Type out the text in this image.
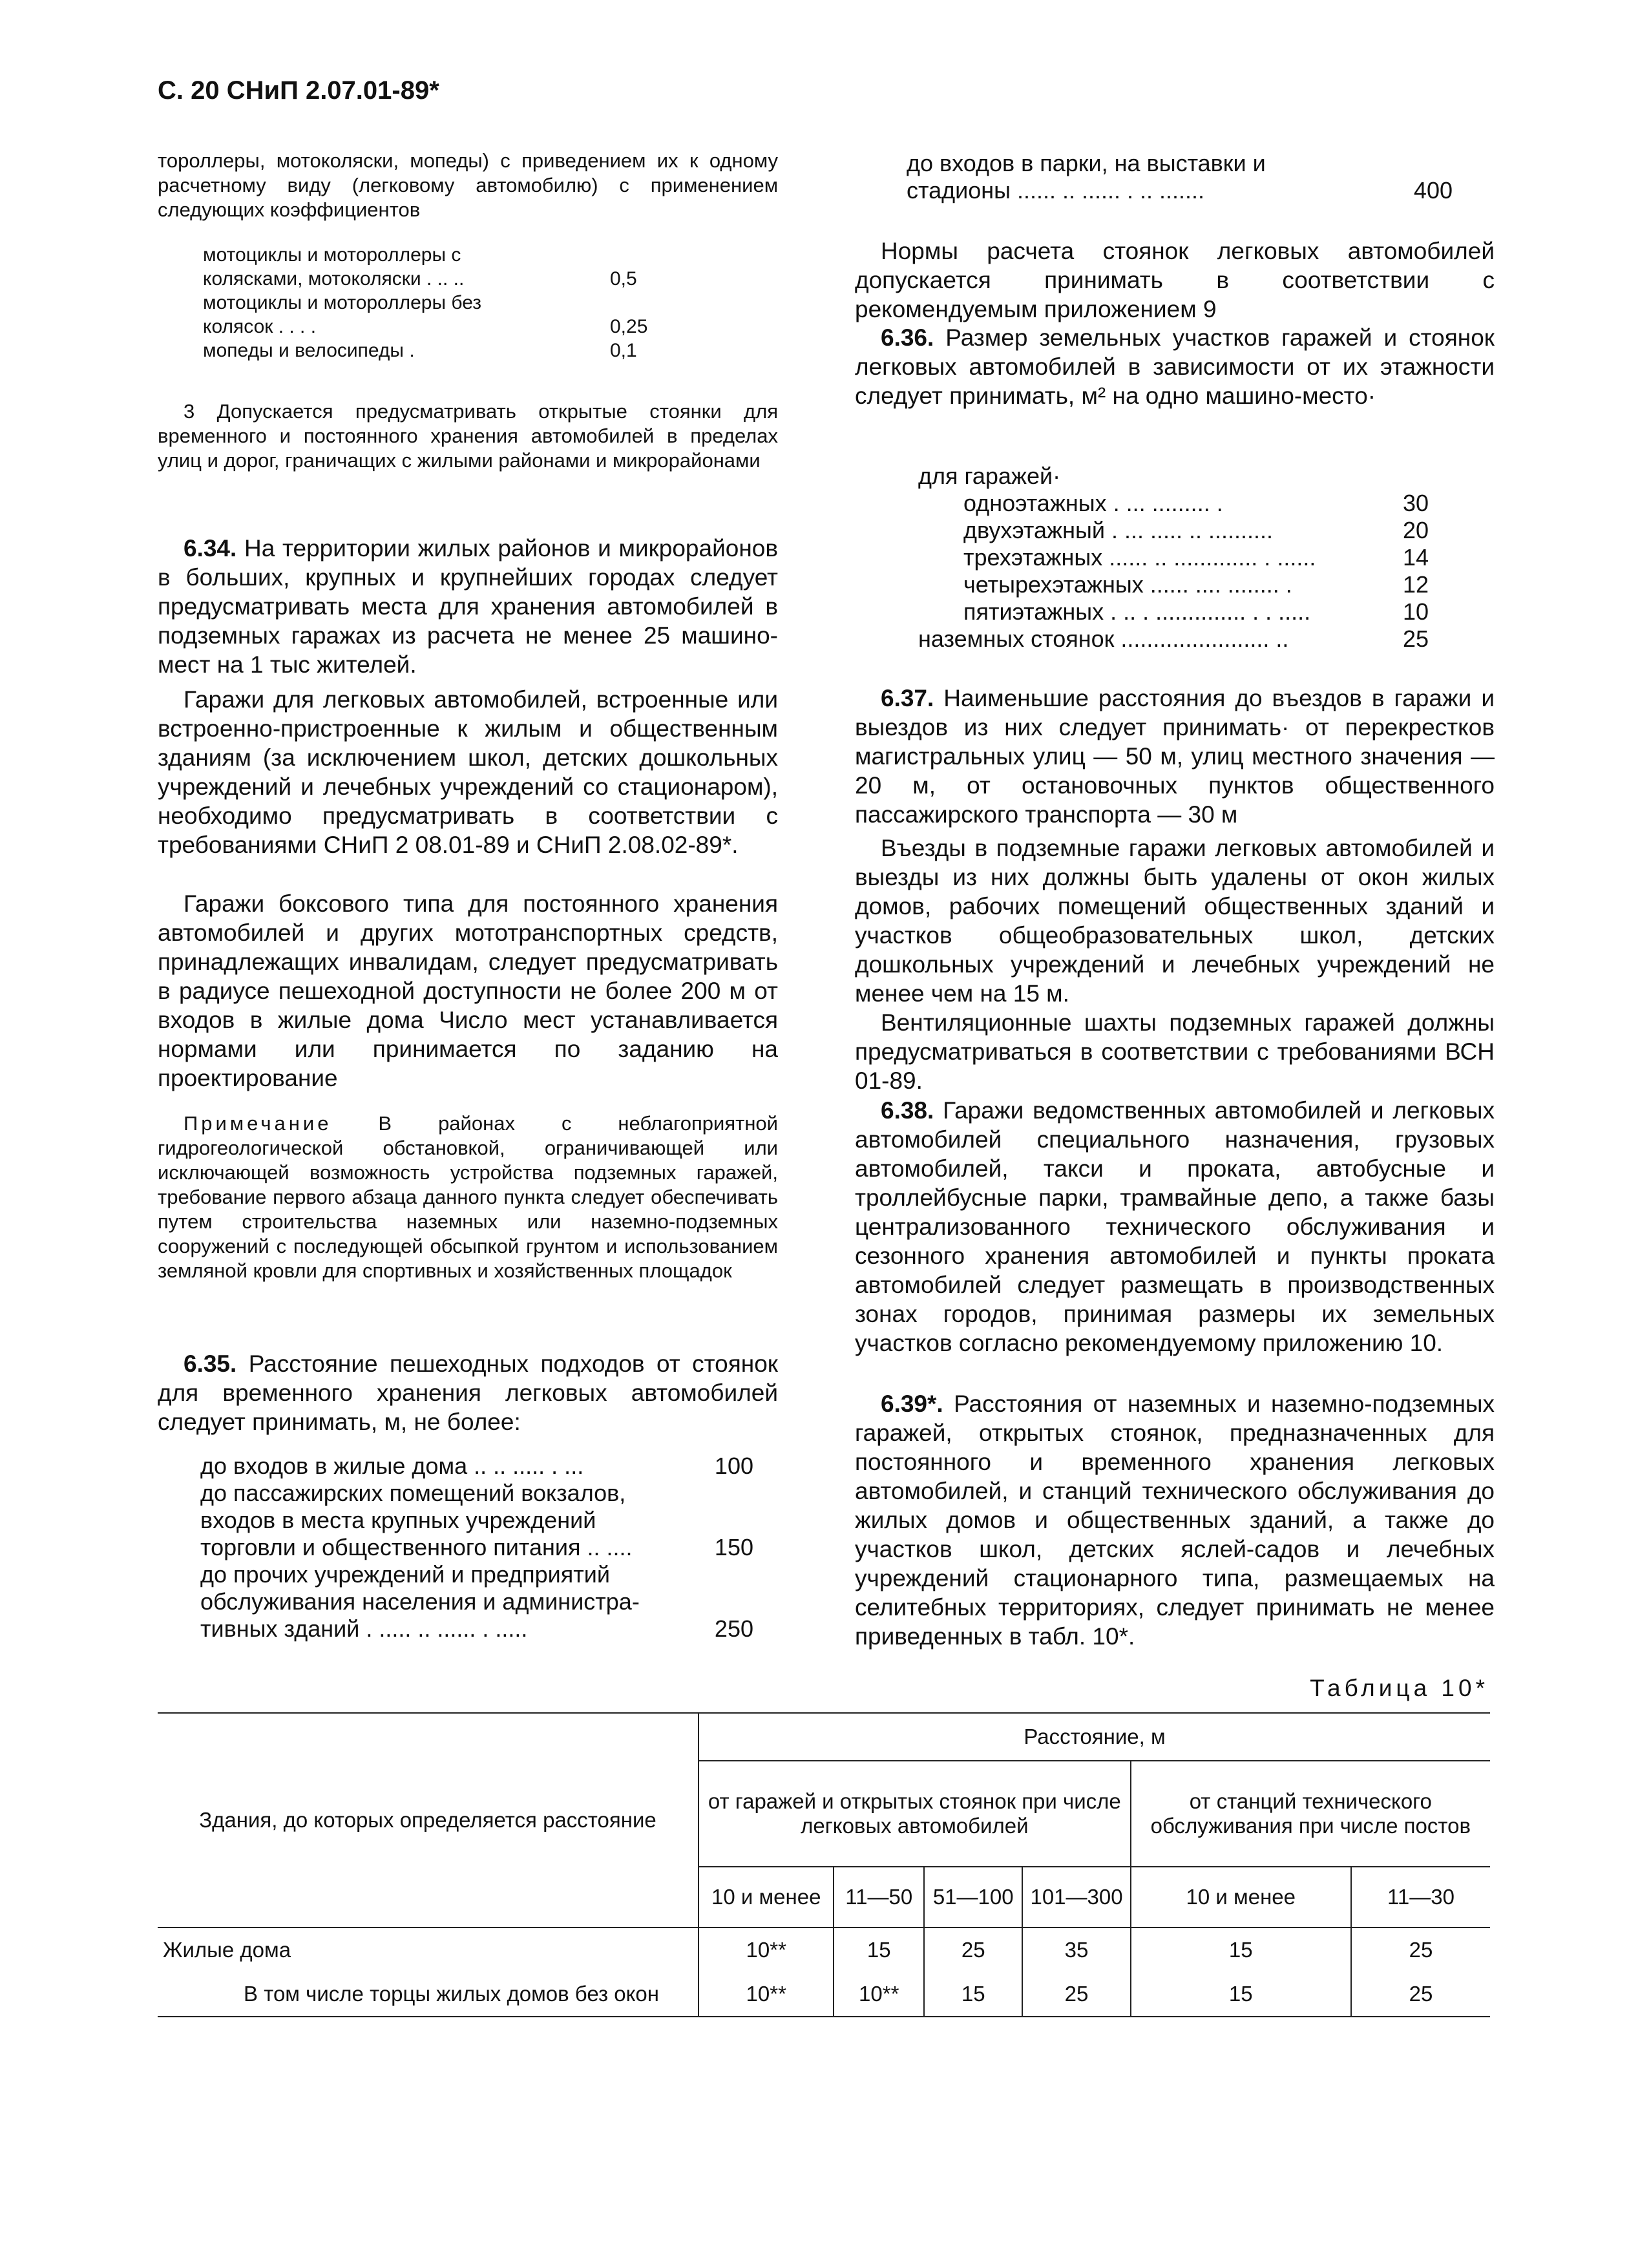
С. 20 СНиП 2.07.01-89*

тороллеры, мотоколяски, мопеды) с приведением их к одному расчетному виду (легковому автомобилю) с применением следующих коэффициентов

мотоциклы и мотороллеры с
колясками, мотоколяски . .. ..	0,5
мотоциклы и мотороллеры без
колясок . . . .	0,25
мопеды и велосипеды .	0,1

3 Допускается предусматривать открытые стоянки для временного и постоянного хранения автомобилей в пределах улиц и дорог, граничащих с жилыми районами и микрорайонами

6.34. На территории жилых районов и микрорайонов в больших, крупных и крупнейших городах следует предусматривать места для хранения автомобилей в подземных гаражах из расчета не менее 25 машино-мест на 1 тыс жителей.

Гаражи для легковых автомобилей, встроенные или встроенно-пристроенные к жилым и общественным зданиям (за исключением школ, детских дошкольных учреждений и лечебных учреждений со стационаром), необходимо предусматривать в соответствии с требованиями СНиП 2 08.01-89 и СНиП 2.08.02-89*.

Гаражи боксового типа для постоянного хранения автомобилей и других мототранспортных средств, принадлежащих инвалидам, следует предусматривать в радиусе пешеходной доступности не более 200 м от входов в жилые дома Число мест устанавливается нормами или принимается по заданию на проектирование

Примечание В районах с неблагоприятной гидрогеологической обстановкой, ограничивающей или исключающей возможность устройства подземных гаражей, требование первого абзаца данного пункта следует обеспечивать путем строительства наземных или наземно-подземных сооружений с последующей обсыпкой грунтом и использованием земляной кровли для спортивных и хозяйственных площадок

6.35. Расстояние пешеходных подходов от стоянок для временного хранения легковых автомобилей следует принимать, м, не более:

до входов в жилые дома .. .. ..... . ...	100
до пассажирских помещений вокзалов,
входов в места крупных учреждений
торговли и общественного питания .. ....	150
до прочих учреждений и предприятий
обслуживания населения и администра-
тивных зданий . ..... .. ...... . .....	250
до входов в парки, на выставки и
стадионы ...... .. ...... . .. .......	400

Нормы расчета стоянок легковых автомобилей допускается принимать в соответствии с рекомендуемым приложением 9

6.36. Размер земельных участков гаражей и стоянок легковых автомобилей в зависимости от их этажности следует принимать, м² на одно машино-место·

для гаражей·
одноэтажных . ... ......... .	30
двухэтажный . ... ..... .. ..........	20
трехэтажных ...... .. ............. . ......	14
четырехэтажных ...... .... ........ .	12
пятиэтажных . .. . .............. . . .....	10
наземных стоянок ....................... ..	25

6.37. Наименьшие расстояния до въездов в гаражи и выездов из них следует принимать· от перекрестков магистральных улиц — 50 м, улиц местного значения — 20 м, от остановочных пунктов общественного пассажирского транспорта — 30 м

Въезды в подземные гаражи легковых автомобилей и выезды из них должны быть удалены от окон жилых домов, рабочих помещений общественных зданий и участков общеобразовательных школ, детских дошкольных учреждений и лечебных учреждений не менее чем на 15 м.

Вентиляционные шахты подземных гаражей должны предусматриваться в соответствии с требованиями ВСН 01-89.

6.38. Гаражи ведомственных автомобилей и легковых автомобилей специального назначения, грузовых автомобилей, такси и проката, автобусные и троллейбусные парки, трамвайные депо, а также базы централизованного технического обслуживания и сезонного хранения автомобилей и пункты проката автомобилей следует размещать в производственных зонах городов, принимая размеры их земельных участков согласно рекомендуемому приложению 10.

6.39*. Расстояния от наземных и наземно-подземных гаражей, открытых стоянок, предназначенных для постоянного и временного хранения легковых автомобилей, и станций технического обслуживания до жилых домов и общественных зданий, а также до участков школ, детских яслей-садов и лечебных учреждений стационарного типа, размещаемых на селитебных территориях, следует принимать не менее приведенных в табл. 10*.

Таблица 10*
Здания, до которых определяется расстояние	Расстояние, м					
	от гаражей и открытых стоянок при числе легковых автомобилей				от станций технического обслуживания при числе постов	
	10 и менее	11—50	51—100	101—300	10 и менее	11—30
Жилые дома	10**	15	25	35	15	25
В том числе торцы жилых домов без окон	10**	10**	15	25	15	25
